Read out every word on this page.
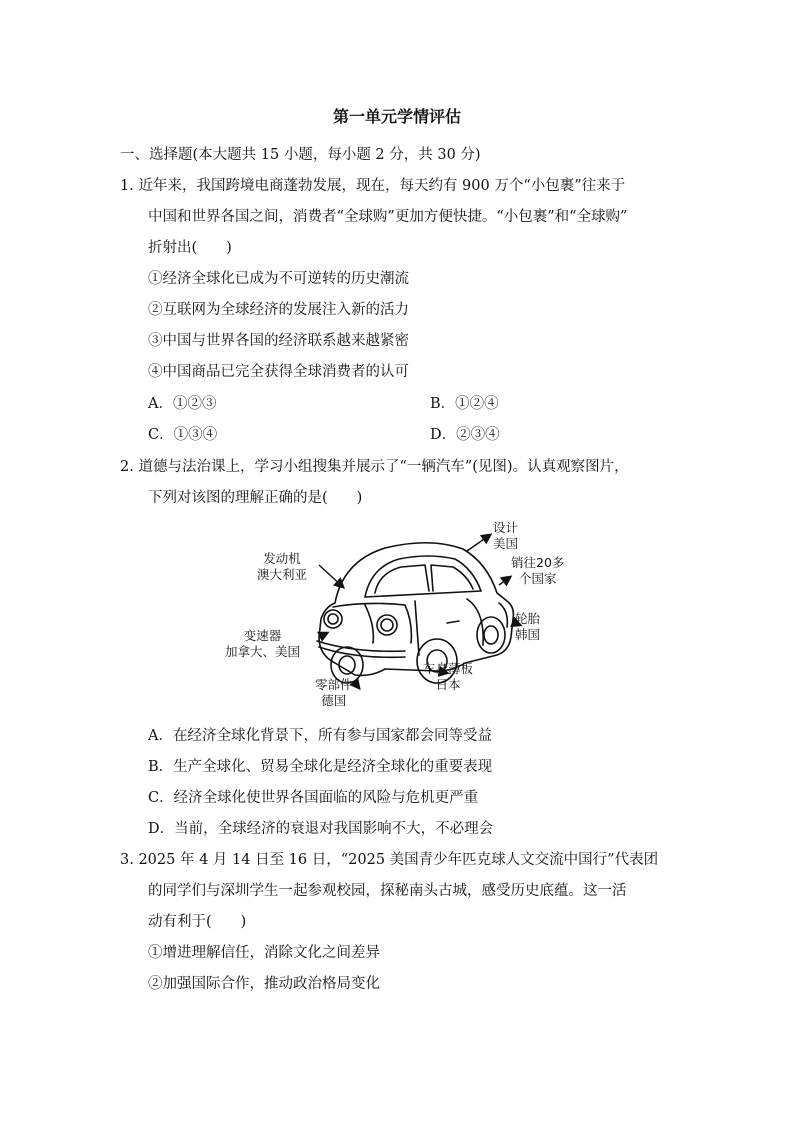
第一单元学情评估
一、选择题(本大题共 15 小题，每小题 2 分，共 30 分)
1. 近年来，我国跨境电商蓬勃发展，现在，每天约有 900 万个“小包裹”往来于
中国和世界各国之间，消费者“全球购”更加方便快捷。“小包裹”和“全球购”
折射出(　　)
①经济全球化已成为不可逆转的历史潮流
②互联网为全球经济的发展注入新的活力
③中国与世界各国的经济联系越来越紧密
④中国商品已完全获得全球消费者的认可
A．①②③	B．①②④
C．①③④	D．②③④
2. 道德与法治课上，学习小组搜集并展示了“一辆汽车”(见图)。认真观察图片，
下列对该图的理解正确的是(　　)
设计
美国
销往20多
个国家
发动机
澳大利亚
轮胎
韩国
变速器
加拿大、美国
车身薄板
日本
零部件
德国
A．在经济全球化背景下，所有参与国家都会同等受益
B．生产全球化、贸易全球化是经济全球化的重要表现
C．经济全球化使世界各国面临的风险与危机更严重
D．当前，全球经济的衰退对我国影响不大，不必理会
3. 2025 年 4 月 14 日至 16 日，“2025 美国青少年匹克球人文交流中国行”代表团
的同学们与深圳学生一起参观校园，探秘南头古城，感受历史底蕴。这一活
动有利于(　　)
①增进理解信任，消除文化之间差异
②加强国际合作，推动政治格局变化
